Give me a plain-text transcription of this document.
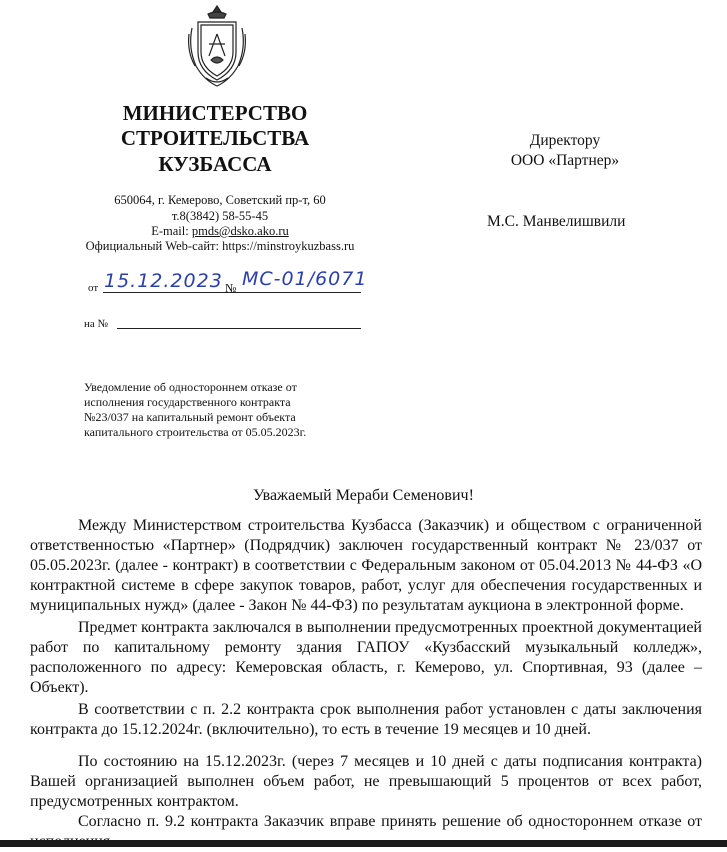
МИНИСТЕРСТВО
СТРОИТЕЛЬСТВА
КУЗБАССА
650064, г. Кемерово, Советский пр-т, 60
т.8(3842) 58-55-45
E-mail: pmds@dsko.ako.ru
Официальный Web-сайт: https://minstroykuzbass.ru
от 15.12.2023 № МС-01/6071
на №
Директору
ООО «Партнер»
М.С. Манвелишвили
Уведомление об одностороннем отказе от исполнения государственного контракта №23/037 на капитальный ремонт объекта капитального строительства от 05.05.2023г.
Уважаемый Мераби Семенович!

Между Министерством строительства Кузбасса (Заказчик) и обществом с ограниченной ответственностью «Партнер» (Подрядчик) заключен государственный контракт № 23/037 от 05.05.2023г. (далее - контракт) в соответствии с Федеральным законом от 05.04.2013 № 44-ФЗ «О контрактной системе в сфере закупок товаров, работ, услуг для обеспечения государственных и муниципальных нужд» (далее - Закон № 44-ФЗ) по результатам аукциона в электронной форме.

Предмет контракта заключался в выполнении предусмотренных проектной документацией работ по капитальному ремонту здания ГАПОУ «Кузбасский музыкальный колледж», расположенного по адресу: Кемеровская область, г. Кемерово, ул. Спортивная, 93 (далее – Объект).

В соответствии с п. 2.2 контракта срок выполнения работ установлен с даты заключения контракта до 15.12.2024г. (включительно), то есть в течение 19 месяцев и 10 дней.

По состоянию на 15.12.2023г. (через 7 месяцев и 10 дней с даты подписания контракта) Вашей организацией выполнен объем работ, не превышающий 5 процентов от всех работ, предусмотренных контрактом.

Согласно п. 9.2 контракта Заказчик вправе принять решение об одностороннем отказе от
